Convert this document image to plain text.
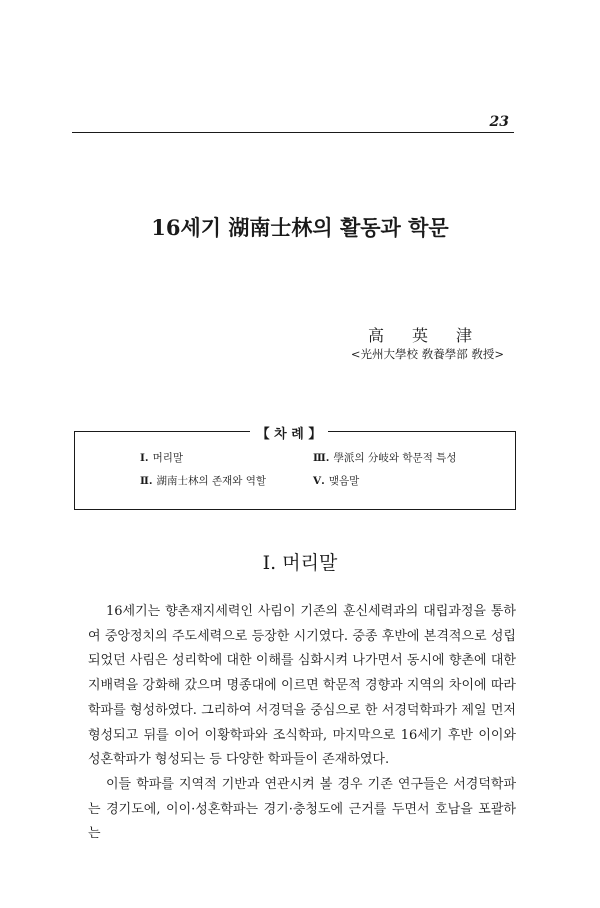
23
16세기 湖南士林의 활동과 학문
高英津
<光州大學校 敎養學部 敎授>
【 차 례 】
Ⅰ. 머리말	Ⅲ. 學派의 分岐와 학문적 특성
Ⅱ. 湖南士林의 존재와 역할	Ⅴ. 맺음말
Ⅰ. 머리말

16세기는 향촌재지세력인 사림이 기존의 훈신세력과의 대립과정을 통하여 중앙정치의 주도세력으로 등장한 시기였다. 중종 후반에 본격적으로 성립되었던 사림은 성리학에 대한 이해를 심화시켜 나가면서 동시에 향촌에 대한 지배력을 강화해 갔으며 명종대에 이르면 학문적 경향과 지역의 차이에 따라 학파를 형성하였다. 그리하여 서경덕을 중심으로 한 서경덕학파가 제일 먼저 형성되고 뒤를 이어 이황학파와 조식학파, 마지막으로 16세기 후반 이이와 성혼학파가 형성되는 등 다양한 학파들이 존재하였다.

이들 학파를 지역적 기반과 연관시켜 볼 경우 기존 연구들은 서경덕학파는 경기도에, 이이·성혼학파는 경기·충청도에 근거를 두면서 호남을 포괄하는
